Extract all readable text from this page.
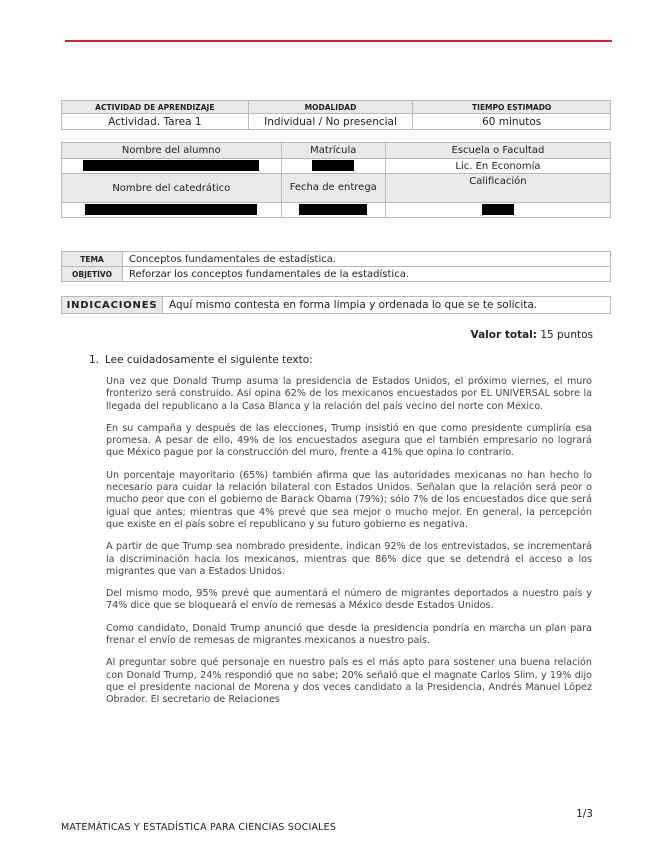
ACTIVIDAD DE APRENDIZAJE	MODALIDAD	TIEMPO ESTIMADO
Actividad. Tarea 1	Individual / No presencial	60 minutos
Nombre del alumno	Matrícula	Escuela o Facultad
		Lic. En Economía
Nombre del catedrático	Fecha de entrega	Calificación

TEMA	Conceptos fundamentales de estadística.
OBJETIVO	Reforzar los conceptos fundamentales de la estadística.
INDICACIONES	Aquí mismo contesta en forma limpia y ordenada lo que se te solicita.
Valor total: 15 puntos
1. Lee cuidadosamente el siguiente texto:

Una vez que Donald Trump asuma la presidencia de Estados Unidos, el próximo viernes, el muro fronterizo será construido. Así opina 62% de los mexicanos encuestados por EL UNIVERSAL sobre la llegada del republicano a la Casa Blanca y la relación del país vecino del norte con México.

En su campaña y después de las elecciones, Trump insistió en que como presidente cumpliría esa promesa. A pesar de ello, 49% de los encuestados asegura que el también empresario no logrará que México pague por la construcción del muro, frente a 41% que opina lo contrario.

Un porcentaje mayoritario (65%) también afirma que las autoridades mexicanas no han hecho lo necesario para cuidar la relación bilateral con Estados Unidos. Señalan que la relación será peor o mucho peor que con el gobierno de Barack Obama (79%); sólo 7% de los encuestados dice que será igual que antes; mientras que 4% prevé que sea mejor o mucho mejor. En general, la percepción que existe en el país sobre el republicano y su futuro gobierno es negativa.

A partir de que Trump sea nombrado presidente, indican 92% de los entrevistados, se incrementará la discriminación hacia los mexicanos, mientras que 86% dice que se detendrá el acceso a los migrantes que van a Estados Unidos.

Del mismo modo, 95% prevé que aumentará el número de migrantes deportados a nuestro país y 74% dice que se bloqueará el envío de remesas a México desde Estados Unidos.

Como candidato, Donald Trump anunció que desde la presidencia pondría en marcha un plan para frenar el envío de remesas de migrantes mexicanos a nuestro país.

Al preguntar sobre qué personaje en nuestro país es el más apto para sostener una buena relación con Donald Trump, 24% respondió que no sabe; 20% señaló que el magnate Carlos Slim, y 19% dijo que el presidente nacional de Morena y dos veces candidato a la Presidencia, Andrés Manuel López Obrador. El secretario de Relaciones

1/3
MATEMÁTICAS Y ESTADÍSTICA PARA CIENCIAS SOCIALES
